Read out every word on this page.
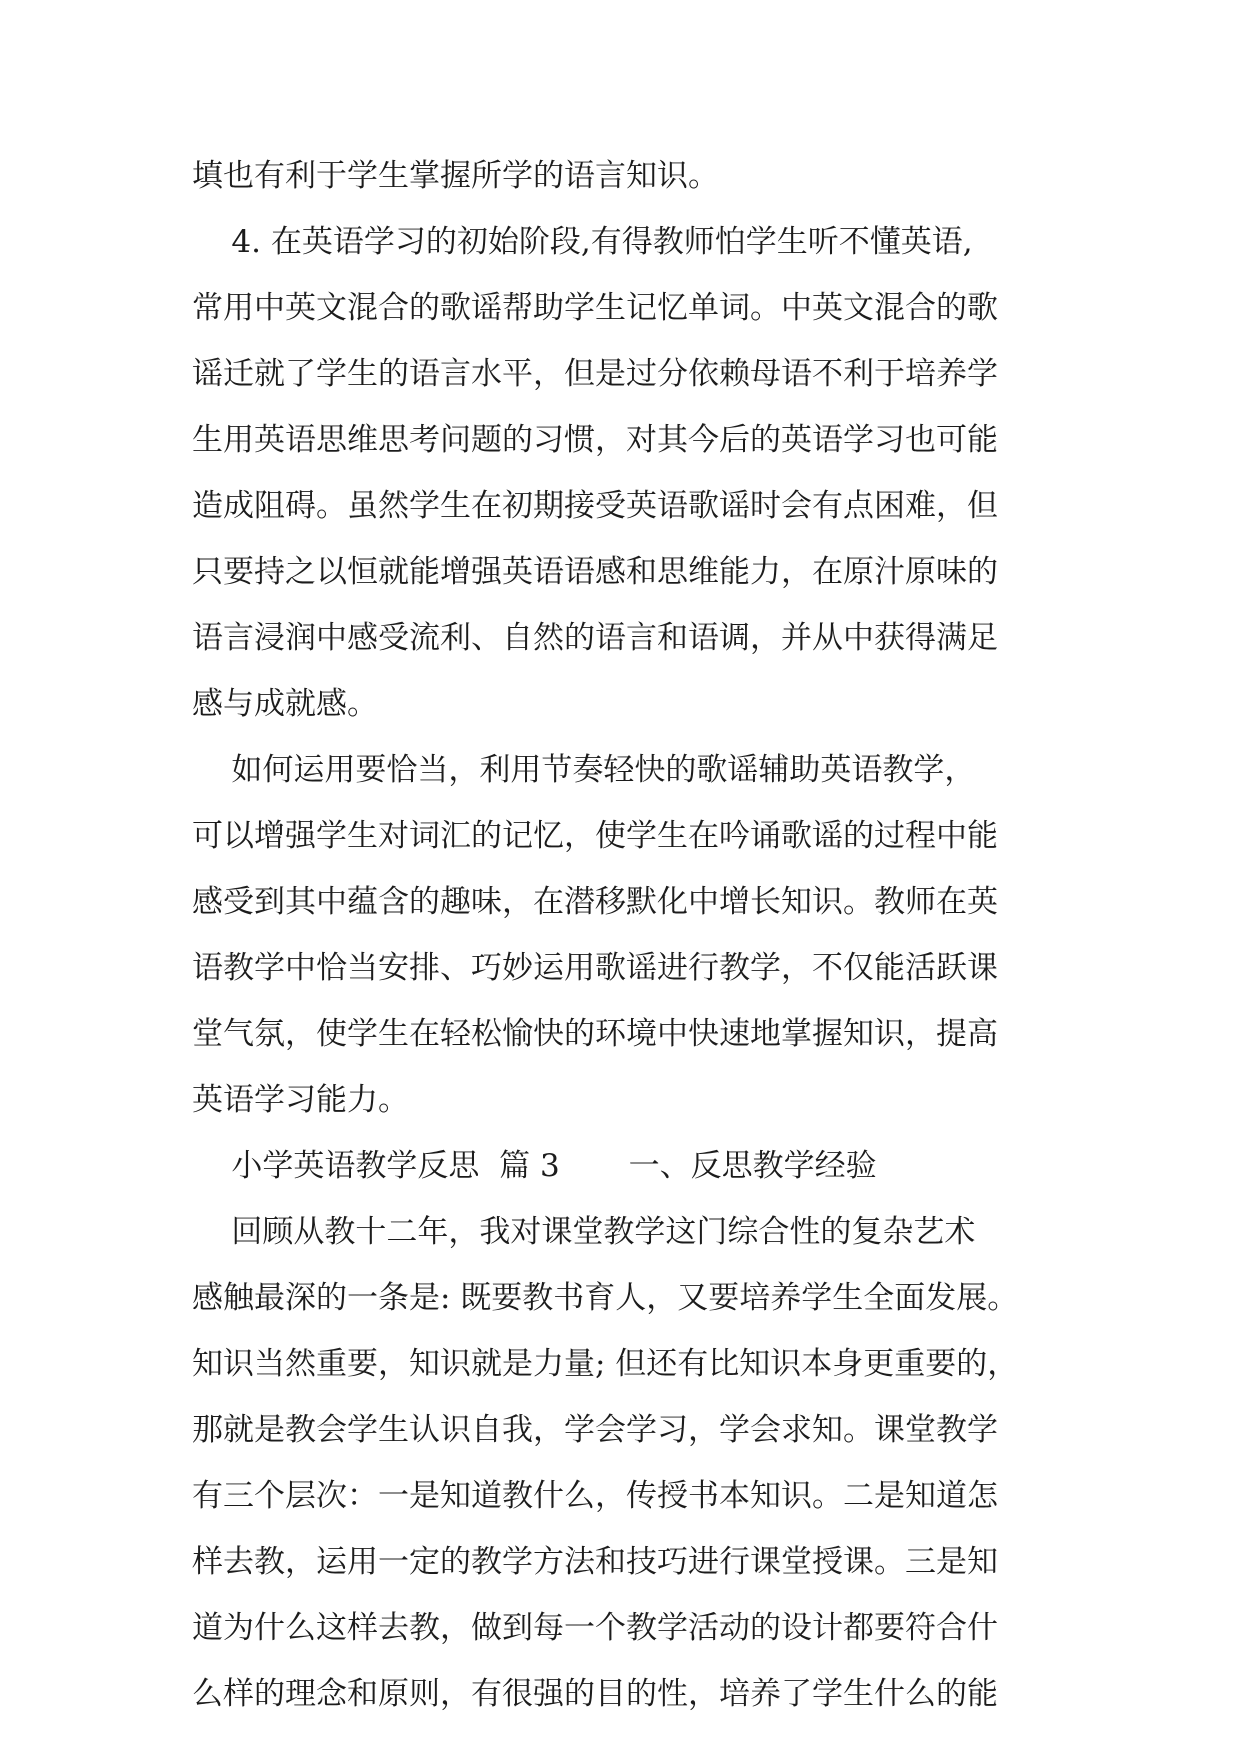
填也有利于学生掌握所学的语言知识。
4. 在英语学习的初始阶段,有得教师怕学生听不懂英语,
常用中英文混合的歌谣帮助学生记忆单词。中英文混合的歌
谣迁就了学生的语言水平，但是过分依赖母语不利于培养学
生用英语思维思考问题的习惯，对其今后的英语学习也可能
造成阻碍。虽然学生在初期接受英语歌谣时会有点困难，但
只要持之以恒就能增强英语语感和思维能力，在原汁原味的
语言浸润中感受流利、自然的语言和语调，并从中获得满足
感与成就感。
如何运用要恰当，利用节奏轻快的歌谣辅助英语教学，
可以增强学生对词汇的记忆，使学生在吟诵歌谣的过程中能
感受到其中蕴含的趣味，在潜移默化中增长知识。教师在英
语教学中恰当安排、巧妙运用歌谣进行教学，不仅能活跃课
堂气氛，使学生在轻松愉快的环境中快速地掌握知识，提高
英语学习能力。
小学英语教学反思  篇 3       一、反思教学经验
回顾从教十二年，我对课堂教学这门综合性的复杂艺术
感触最深的一条是: 既要教书育人，又要培养学生全面发展。
知识当然重要，知识就是力量; 但还有比知识本身更重要的，
那就是教会学生认识自我，学会学习，学会求知。课堂教学
有三个层次：一是知道教什么，传授书本知识。二是知道怎
样去教，运用一定的教学方法和技巧进行课堂授课。三是知
道为什么这样去教，做到每一个教学活动的设计都要符合什
么样的理念和原则，有很强的目的性，培养了学生什么的能
